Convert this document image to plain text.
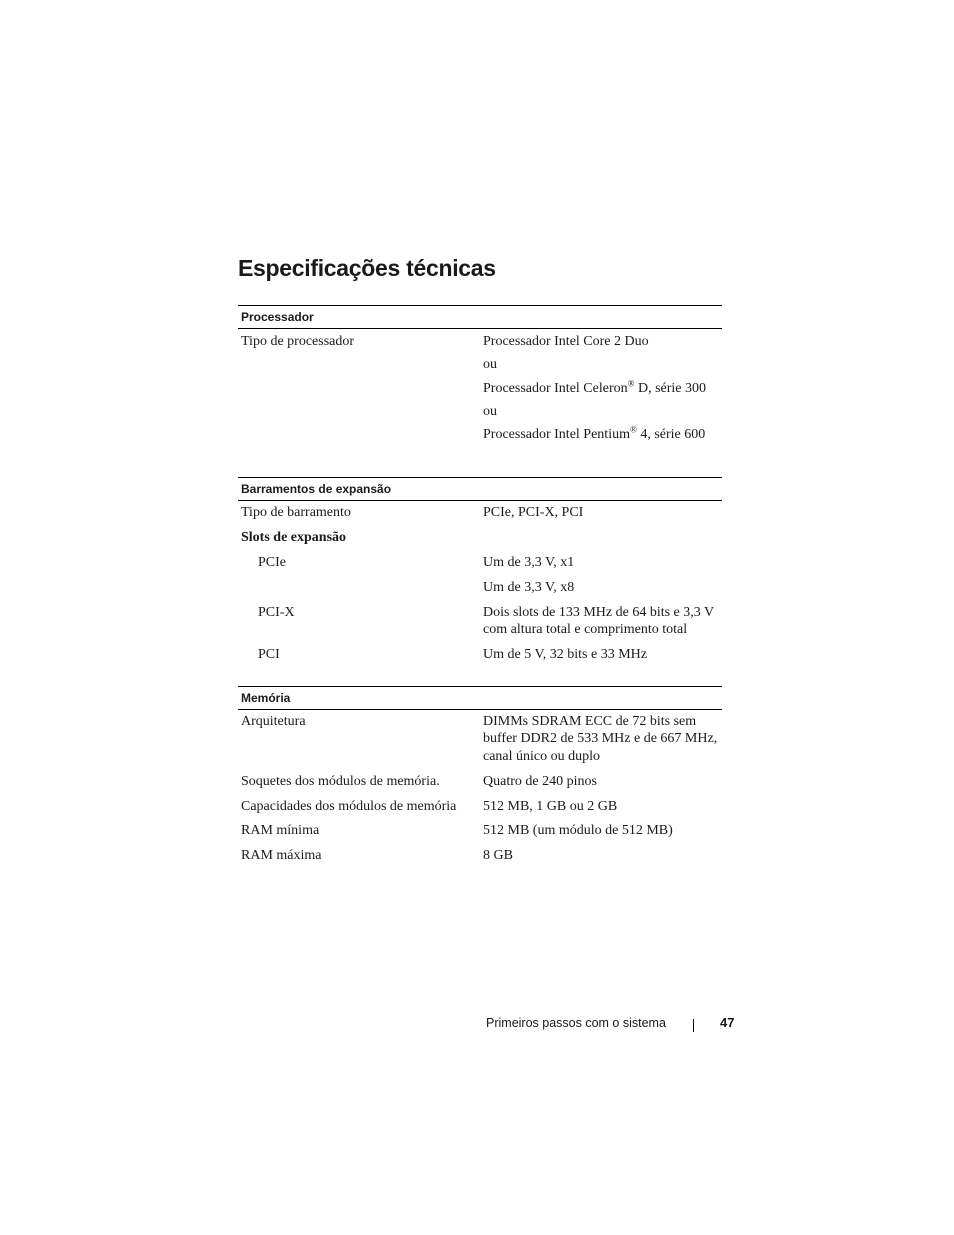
Especificações técnicas
Processador
Tipo de processador	Processador Intel Core 2 Duo
ou
Processador Intel Celeron® D, série 300
ou
Processador Intel Pentium® 4, série 600
Barramentos de expansão
Tipo de barramento	PCIe, PCI-X, PCI
Slots de expansão
PCIe	Um de 3,3 V, x1
Um de 3,3 V, x8
PCI-X	Dois slots de 133 MHz de 64 bits e 3,3 V
com altura total e comprimento total
PCI	Um de 5 V, 32 bits e 33 MHz
Memória
Arquitetura	DIMMs SDRAM ECC de 72 bits sem
buffer DDR2 de 533 MHz e de 667 MHz,
canal único ou duplo
Soquetes dos módulos de memória.	Quatro de 240 pinos
Capacidades dos módulos de memória 512 MB, 1 GB ou 2 GB
RAM mínima	512 MB (um módulo de 512 MB)
RAM máxima	8 GB
Primeiros passos com o sistema	47
